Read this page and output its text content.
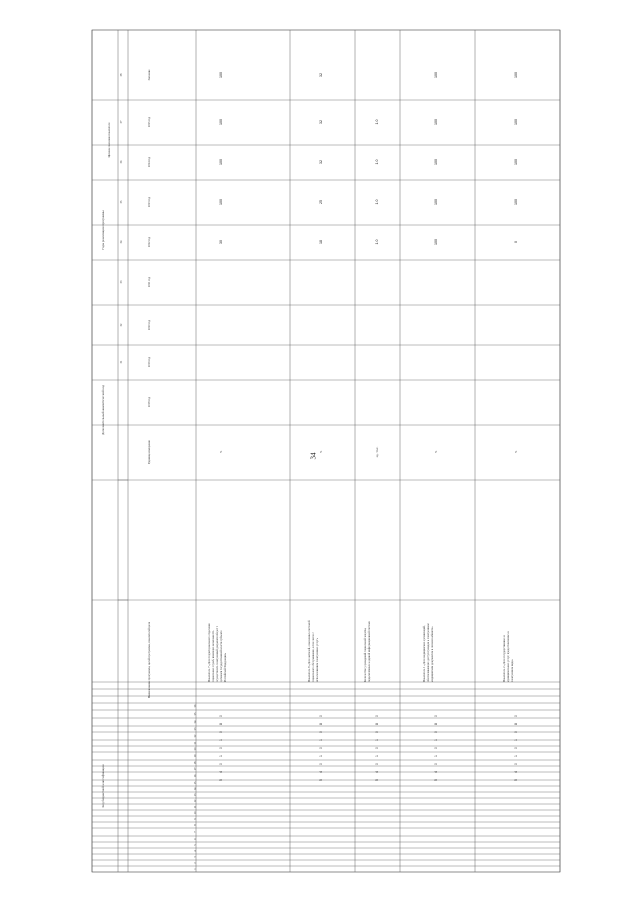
34
Код бюджетной классификации
Дополнительный аналитический код
Годы реализации программы
Целевое значение показателя
Наименование программы, целей программы, показателей цели
Единица измерения
2018 год
2019 год
31
2020 год
32
2021 год
33
2022 год
34
2023 год
35
2024 год
36
2025 год
37
Значение
38
1
2
3
4
5
6
7
8
9
10
11
12
13
14
15
16
17
18
19
20
21
22
23
24
25
26
Показатель 7 «Доля территориального отделения социальных служб, имеющих возможность осуществлять электронный документооборот с органами государственной власти субъекта Российской Федерации»
%
30
100
100
100
100
5
4
0
1
0
1
0
8
0
Показатель 8 «Доля жителей, охваченных системой социального обслуживания, в том числе с использованием электронных услуг»
%
18
25
32
32
32
5
4
0
1
0
1
0
8
0
Количество учреждений социальной защиты, подключённых к единой информационной системе
ед. / тыс.
1.0
1.0
1.0
1.0
5
4
0
1
0
1
0
8
0
Показатель 1 «Доля медицинских организаций, обеспечивающих доступ граждан к электронным медицинским документам в личном кабинете»
%
100
100
100
100
100
5
4
0
1
0
1
0
8
0
Показатель 2 «Доля государственных и муниципальных услуг, предоставляемых в электронном виде»
%
0
100
100
100
100
5
4
0
1
0
1
0
8
0
